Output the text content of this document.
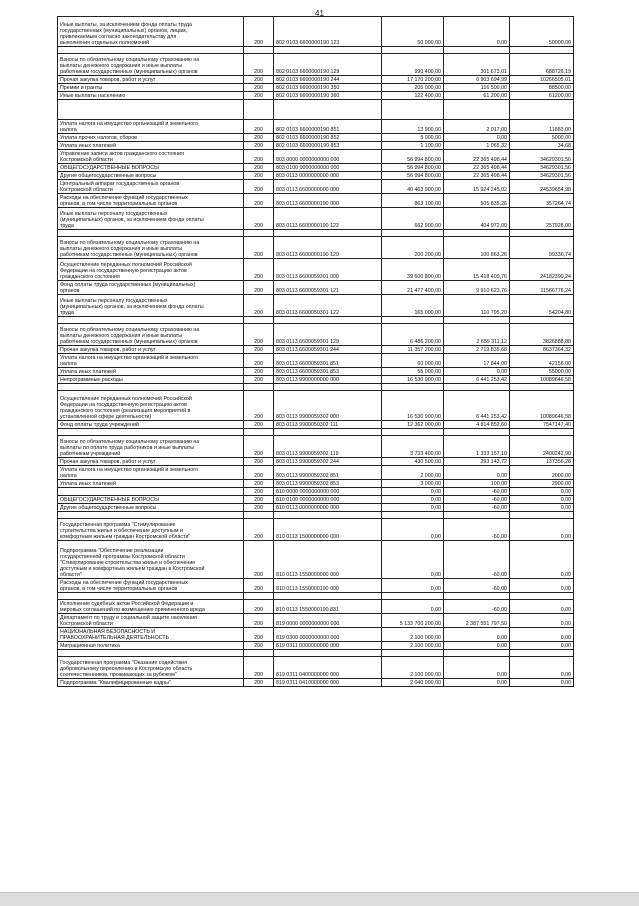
41
Иные выплаты, за исключением фонда оплаты труда
государственных (муниципальных) органов, лицам,
привлекаемым согласно законодательству для
выполнения отдельных полномочий	200	802 0103 6600000190 123	50 000,00	0,00	50000,00

Взносы по обязательному социальному страхованию на
выплаты денежного содержания и иные выплаты
работникам государственных (муниципальных) органов	200	802 0103 6600000190 129	990 400,00	301 673,01	688726,19
Прочая закупка товаров, работ и услуг	200	802 0103 6600000190 244	17 170 200,00	6 903 694,99	10266505,01
Премии и гранты	200	802 0103 6600000190 350	205 000,00	116 500,00	88500,00
Иные выплаты населению	200	802 0103 6600000190 360	122 400,00	61 200,00	61200,00

Уплата налога на имущество организаций и земельного
налога	200	802 0103 6600000190 851	13 900,00	2 017,00	11883,00
Уплата прочих налогов, сборов	200	802 0103 6600000190 852	5 000,00	0,00	5000,00
Уплата иных платежей	200	802 0103 6600000190 853	1 100,00	1 065,32	34,68
Управление записи актов гражданского состояния
Костромской области	200	803 0000 0000000000 000	56 994 800,00	22 365 498,44	34629301,56
ОБЩЕГОСУДАРСТВЕННЫЕ ВОПРОСЫ	200	803 0100 0000000000 000	56 994 800,00	22 365 498,44	34629301,56
Другие общегосударственные вопросы	200	803 0113 0000000000 000	56 994 800,00	22 365 498,44	34629301,56
Центральный аппарат государственных органов
Костромской области	200	803 0113 6600000000 000	40 463 900,00	15 924 245,02	24539654,98
Расходы на обеспечение функций государственных
органов, в том числе территориальных органов	200	803 0113 6600000190 000	863 100,00	505 835,26	357264,74
Иные выплаты персоналу государственных
(муниципальных) органов, за исключением фонда оплаты
труда	200	803 0113 6600000190 122	662 900,00	404 972,00	257928,00

Взносы по обязательному социальному страхованию на
выплаты денежного содержания и иные выплаты
работникам государственных (муниципальных) органов	200	803 0113 6600000190 129	200 200,00	100 863,26	99336,74
Осуществление переданных полномочий Российской
Федерации на государственную регистрацию актов
гражданского состояния	200	803 0113 6600059301 000	39 600 800,00	15 418 409,76	24182390,24
Фонд оплаты труда государственных (муниципальных)
органов	200	803 0113 6600059301 121	21 477 400,00	9 910 623,76	11566776,24
Иные выплаты персоналу государственных
(муниципальных) органов, за исключением фонда оплаты
труда	200	803 0113 6600059301 122	165 000,00	110 795,20	54204,80

Взносы по обязательному социальному страхованию на
выплаты денежного содержания и иные выплаты
работникам государственных (муниципальных) органов	200	803 0113 6600059301 129	6 486 200,00	2 659 311,12	3826888,88
Прочая закупка товаров, работ и услуг	200	803 0113 6600059301 244	11 357 200,00	2 719 835,68	8637364,32
Уплата налога на имущество организаций и земельного
налога	200	803 0113 6600059301 851	60 000,00	17 844,00	42156,00
Уплата иных платежей	200	803 0113 6600059301 853	55 000,00	0,00	55000,00
Непрограммные расходы	200	803 0113 9900000000 000	16 530 900,00	6 441 253,42	10089646,58

Осуществление переданных полномочий Российской
Федерации на государственную регистрацию актов
гражданского состояния (реализация мероприятий в
установленной сфере деятельности)	200	803 0113 9900059302 000	16 530 900,00	6 441 253,42	10089646,58
Фонд оплаты труда учреждений	200	803 0113 9900059302 111	12 362 000,00	4 814 852,60	7547147,40

Взносы по обязательному социальному страхованию на
выплаты по оплате труда работников и иные выплаты
работникам учреждений	200	803 0113 9900059302 119	3 733 400,00	1 333 157,10	2400242,90
Прочая закупка товаров, работ и услуг	200	803 0113 9900059302 244	430 500,00	293 143,72	137356,28
Уплата налога на имущество организаций и земельного
налога	200	803 0113 9900059302 851	2 000,00	0,00	2000,00
Уплата иных платежей	200	803 0113 9900059302 853	3 000,00	100,00	2900,00
	200	810 0000 0000000000 000	0,00	-60,00	0,00
ОБЩЕГОСУДАРСТВЕННЫЕ ВОПРОСЫ	200	810 0100 0000000000 000	0,00	-60,00	0,00
Другие общегосударственные вопросы	200	810 0113 0000000000 000	0,00	-60,00	0,00

Государственная программа "Стимулирование
строительства жилья и обеспечение доступным и
комфортным жильем граждан Костромской области"	200	810 0113 1500000000 000	0,00	-60,00	0,00
Подпрограмма "Обеспечение реализации
государственной программы Костромской области
"Стимулирование строительства жилья и обеспечение
доступным и комфортным жильем граждан в Костромской
области"	200	810 0113 1550000000 000	0,00	-60,00	0,00
Расходы на обеспечение функций государственных
органов, в том числе территориальных органов	200	810 0113 1550000190 000	0,00	-60,00	0,00

Исполнение судебных актов Российской Федерации и
мировых соглашений по возмещению причиненного вреда	200	810 0113 1550000190 831	0,00	-60,00	0,00
Департамент по труду и социальной защите населения
Костромской области	200	819 0000 0000000000 000	5 133 700 200,00	2 387 551 797,50	0,00
НАЦИОНАЛЬНАЯ БЕЗОПАСНОСТЬ И
ПРАВООХРАНИТЕЛЬНАЯ ДЕЯТЕЛЬНОСТЬ	200	819 0300 0000000000 000	2 100 000,00	0,00	0,00
Миграционная политика	200	819 0311 0000000000 000	2 100 000,00	0,00	0,00

Государственная программа "Оказание содействия
добровольному переселению в Костромскую область
соотечественников, проживающих за рубежом"	200	819 0311 0400000000 000	2 100 000,00	0,00	0,00
Подпрограмма "Квалифицированные кадры"	200	819 0311 0410000000 000	2 040 000,00	0,00	0,00
